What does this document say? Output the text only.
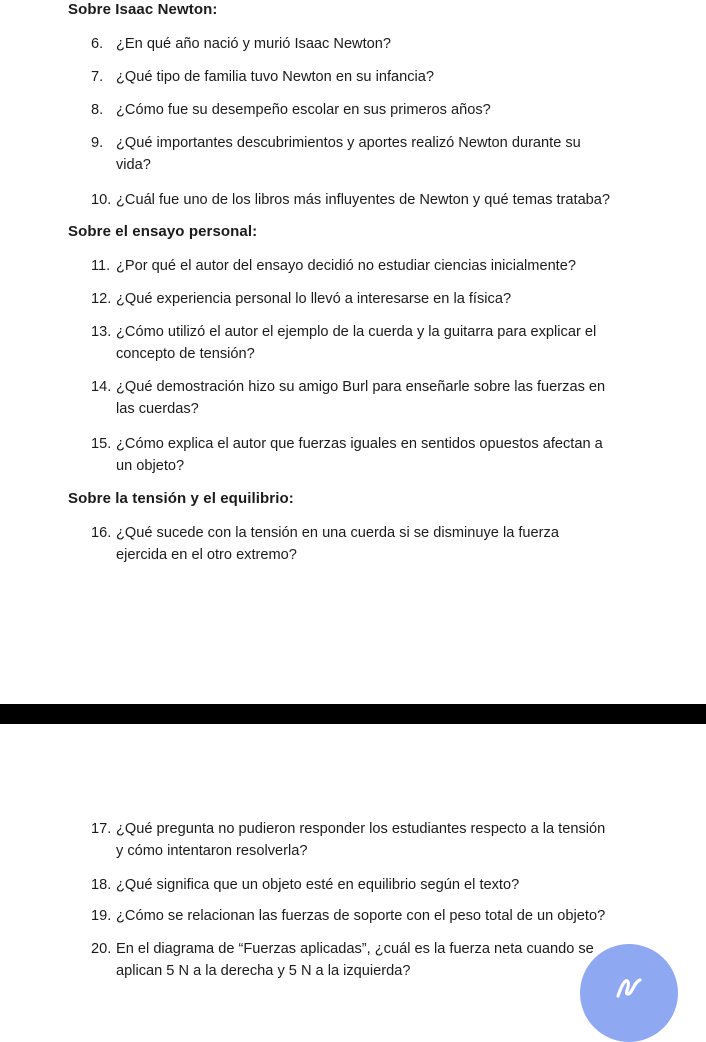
Sobre Isaac Newton:
Sobre el ensayo personal:
Sobre la tensión y el equilibrio:
6. ¿En qué año nació y murió Isaac Newton?
7. ¿Qué tipo de familia tuvo Newton en su infancia?
8. ¿Cómo fue su desempeño escolar en sus primeros años?
9. ¿Qué importantes descubrimientos y aportes realizó Newton durante su
vida?
10. ¿Cuál fue uno de los libros más influyentes de Newton y qué temas trataba?
11. ¿Por qué el autor del ensayo decidió no estudiar ciencias inicialmente?
12. ¿Qué experiencia personal lo llevó a interesarse en la física?
13. ¿Cómo utilizó el autor el ejemplo de la cuerda y la guitarra para explicar el
concepto de tensión?
14. ¿Qué demostración hizo su amigo Burl para enseñarle sobre las fuerzas en
las cuerdas?
15. ¿Cómo explica el autor que fuerzas iguales en sentidos opuestos afectan a
un objeto?
16. ¿Qué sucede con la tensión en una cuerda si se disminuye la fuerza
ejercida en el otro extremo?
17. ¿Qué pregunta no pudieron responder los estudiantes respecto a la tensión
y cómo intentaron resolverla?
18. ¿Qué significa que un objeto esté en equilibrio según el texto?
19. ¿Cómo se relacionan las fuerzas de soporte con el peso total de un objeto?
20. En el diagrama de “Fuerzas aplicadas”, ¿cuál es la fuerza neta cuando se
aplican 5 N a la derecha y 5 N a la izquierda?
